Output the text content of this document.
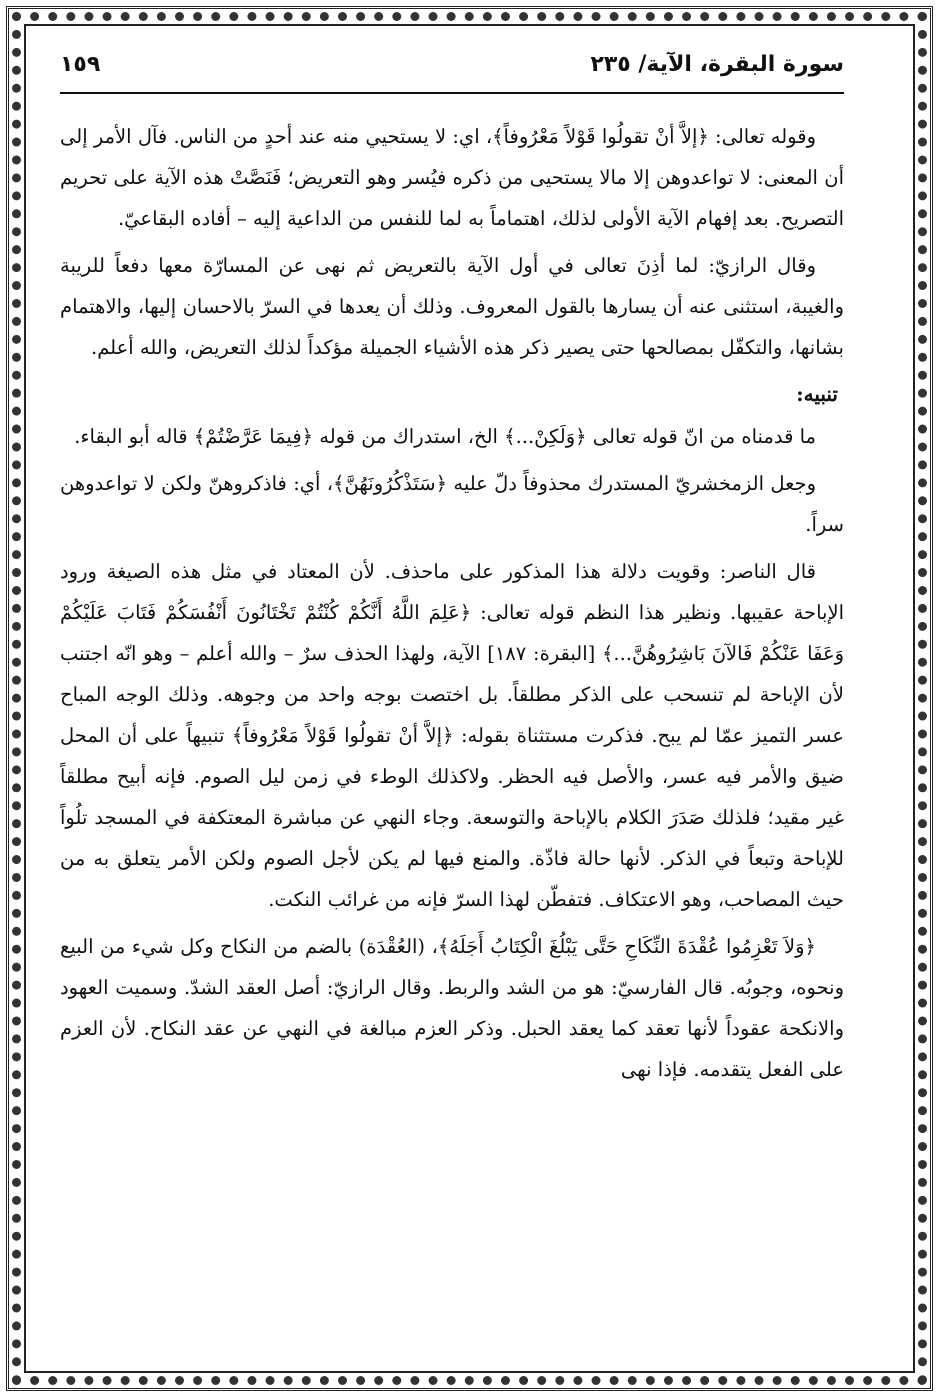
سورة البقرة، الآية/ ٢٣٥
١٥٩

وقوله تعالى: ﴿إلاَّ أنْ تقولُوا قَوْلاً مَعْرُوفاً﴾، اي: لا يستحيي منه عند أحدٍ من الناس. فآل الأمر إلى أن المعنى: لا تواعدوهن إلا مالا يستحيى من ذكره فيُسر وهو التعريض؛ فَنَصَّتْ هذه الآية على تحريم التصريح. بعد إفهام الآية الأولى لذلك، اهتماماً به لما للنفس من الداعية إليه – أفاده البقاعيّ.

وقال الرازيّ: لما أذِنَ تعالى في أول الآية بالتعريض ثم نهى عن المسارّة معها دفعاً للريبة والغيبة، استثنى عنه أن يسارها بالقول المعروف. وذلك أن يعدها في السرّ بالاحسان إليها، والاهتمام بشانها، والتكفّل بمصالحها حتى يصير ذكر هذه الأشياء الجميلة مؤكداً لذلك التعريض، والله أعلم.

تنبيه:

ما قدمناه من انّ قوله تعالى ﴿وَلَكِنْ...﴾ الخ، استدراك من قوله ﴿فِيمَا عَرَّضْتُمْ﴾ قاله أبو البقاء.

وجعل الزمخشريّ المستدرك محذوفاً دلّ عليه ﴿سَتَذْكُرُونَهُنَّ﴾، أي: فاذكروهنّ ولكن لا تواعدوهن سراً.

قال الناصر: وقويت دلالة هذا المذكور على ماحذف. لأن المعتاد في مثل هذه الصيغة ورود الإباحة عقيبها. ونظير هذا النظم قوله تعالى: ﴿عَلِمَ اللَّهُ أَنَّكُمْ كُنْتُمْ تَخْتَانُونَ أَنْفُسَكُمْ فَتَابَ عَلَيْكُمْ وَعَفَا عَنْكُمْ فَالآنَ بَاشِرُوهُنَّ...﴾ [البقرة: ١٨٧] الآية، ولهذا الحذف سرٌ – والله أعلم – وهو انّه اجتنب لأن الإباحة لم تنسحب على الذكر مطلقاً. بل اختصت بوجه واحد من وجوهه. وذلك الوجه المباح عسر التميز عمّا لم يبح. فذكرت مستثناة بقوله: ﴿إلاَّ أنْ تقولُوا قَوْلاً مَعْرُوفاً﴾ تنبيهاً على أن المحل ضيق والأمر فيه عسر، والأصل فيه الحظر. ولاكذلك الوطء في زمن ليل الصوم. فإنه أبيح مطلقاً غير مقيد؛ فلذلك صَدَرَ الكلام بالإباحة والتوسعة. وجاء النهي عن مباشرة المعتكفة في المسجد تلُواً للإباحة وتبعاً في الذكر. لأنها حالة فاذّة. والمنع فيها لم يكن لأجل الصوم ولكن الأمر يتعلق به من حيث المصاحب، وهو الاعتكاف. فتفطّن لهذا السرّ فإنه من غرائب النكت.

﴿وَلاَ تَعْزِمُوا عُقْدَةَ النِّكَاحِ حَتَّى يَبْلُغَ الْكِتَابُ أَجَلَهُ﴾، (العُقْدَة) بالضم من النكاح وكل شيء من البيع ونحوه، وجوبُه. قال الفارسيّ: هو من الشد والربط. وقال الرازيّ: أصل العقد الشدّ. وسميت العهود والانكحة عقوداً لأنها تعقد كما يعقد الحبل. وذكر العزم مبالغة في النهي عن عقد النكاح. لأن العزم على الفعل يتقدمه. فإذا نهى
